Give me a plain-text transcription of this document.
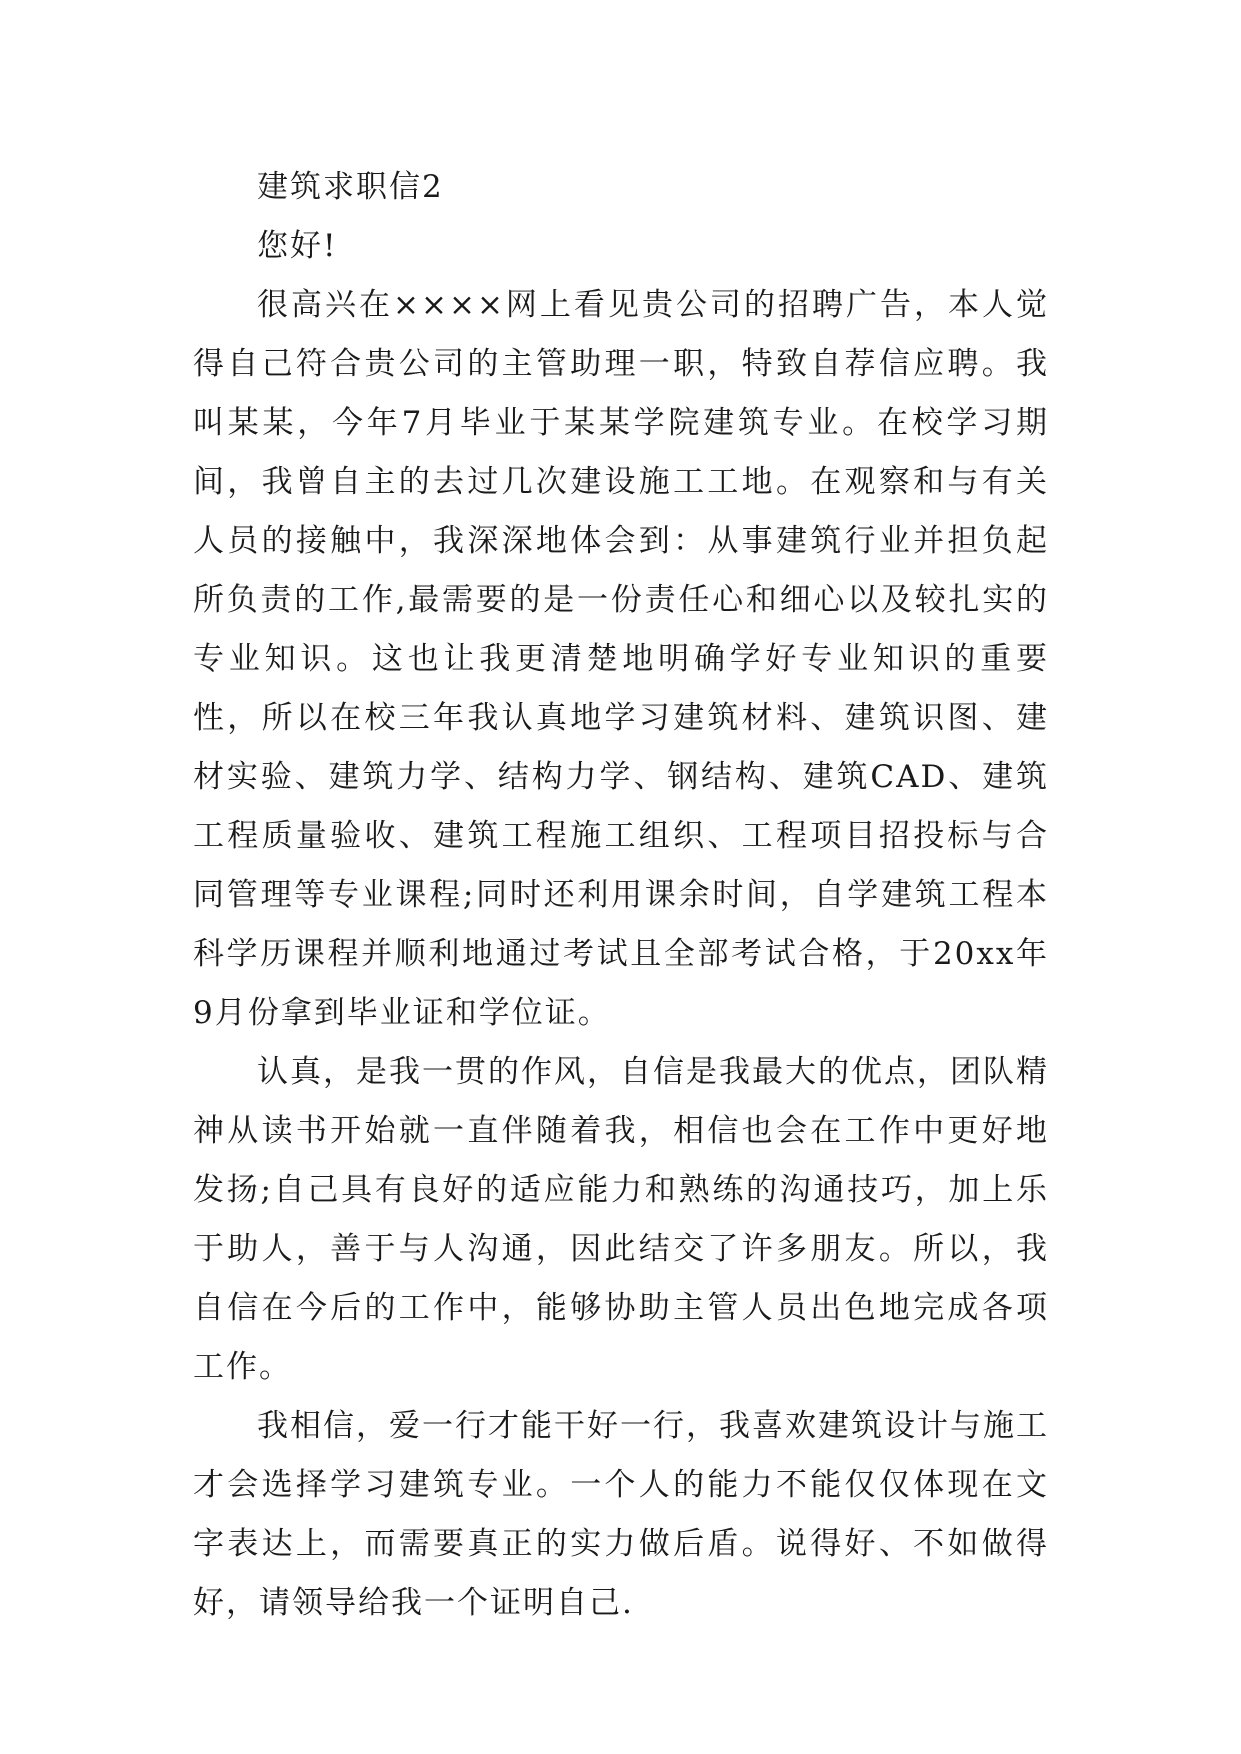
建筑求职信2

您好!

很高兴在××××网上看见贵公司的招聘广告，本人觉得自己符合贵公司的主管助理一职，特致自荐信应聘。我叫某某，今年7月毕业于某某学院建筑专业。在校学习期间，我曾自主的去过几次建设施工工地。在观察和与有关人员的接触中，我深深地体会到：从事建筑行业并担负起所负责的工作,最需要的是一份责任心和细心以及较扎实的专业知识。这也让我更清楚地明确学好专业知识的重要性，所以在校三年我认真地学习建筑材料、建筑识图、建材实验、建筑力学、结构力学、钢结构、建筑CAD、建筑工程质量验收、建筑工程施工组织、工程项目招投标与合同管理等专业课程;同时还利用课余时间，自学建筑工程本科学历课程并顺利地通过考试且全部考试合格，于20xx年9月份拿到毕业证和学位证。

认真，是我一贯的作风，自信是我最大的优点，团队精神从读书开始就一直伴随着我，相信也会在工作中更好地发扬;自己具有良好的适应能力和熟练的沟通技巧，加上乐于助人，善于与人沟通，因此结交了许多朋友。所以，我自信在今后的工作中，能够协助主管人员出色地完成各项工作。

我相信，爱一行才能干好一行，我喜欢建筑设计与施工才会选择学习建筑专业。一个人的能力不能仅仅体现在文字表达上，而需要真正的实力做后盾。说得好、不如做得好，请领导给我一个证明自己.
